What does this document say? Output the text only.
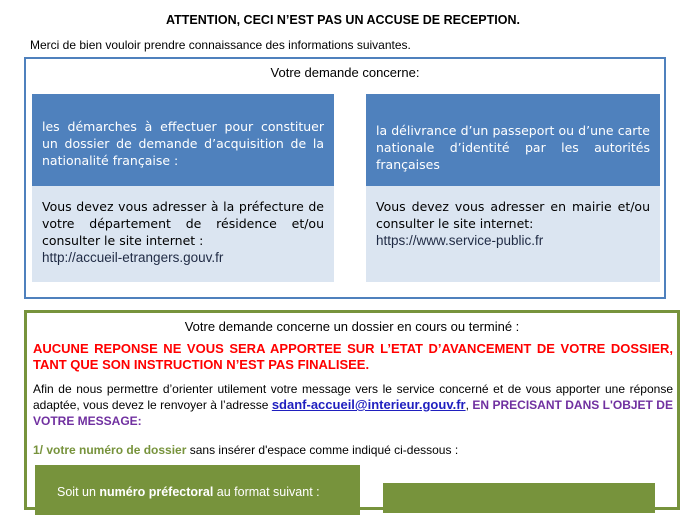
ATTENTION, CECI N’EST PAS UN ACCUSE DE RECEPTION.
Merci de bien vouloir prendre connaissance des informations suivantes.
Votre demande concerne:
les démarches à effectuer pour constituer un dossier de demande d’acquisition de la nationalité française :
Vous devez vous adresser à la préfecture de votre département de résidence et/ou consulter le site internet :
http://accueil-etrangers.gouv.fr
la délivrance d’un passeport ou d’une carte nationale d’identité par les autorités françaises
Vous devez vous adresser en mairie et/ou consulter le site internet:
https://www.service-public.fr
Votre demande concerne un dossier en cours ou terminé :
AUCUNE REPONSE NE VOUS SERA APPORTEE SUR L’ETAT D’AVANCEMENT DE VOTRE DOSSIER, TANT QUE SON INSTRUCTION N’EST PAS FINALISEE.
Afin de nous permettre d’orienter utilement votre message vers le service concerné et de vous apporter une réponse adaptée, vous devez le renvoyer à l’adresse sdanf-accueil@interieur.gouv.fr, EN PRECISANT DANS L'OBJET DE VOTRE MESSAGE:
1/ votre numéro de dossier sans insérer d'espace comme indiqué ci-dessous :
Soit un numéro préfectoral au format suivant :
